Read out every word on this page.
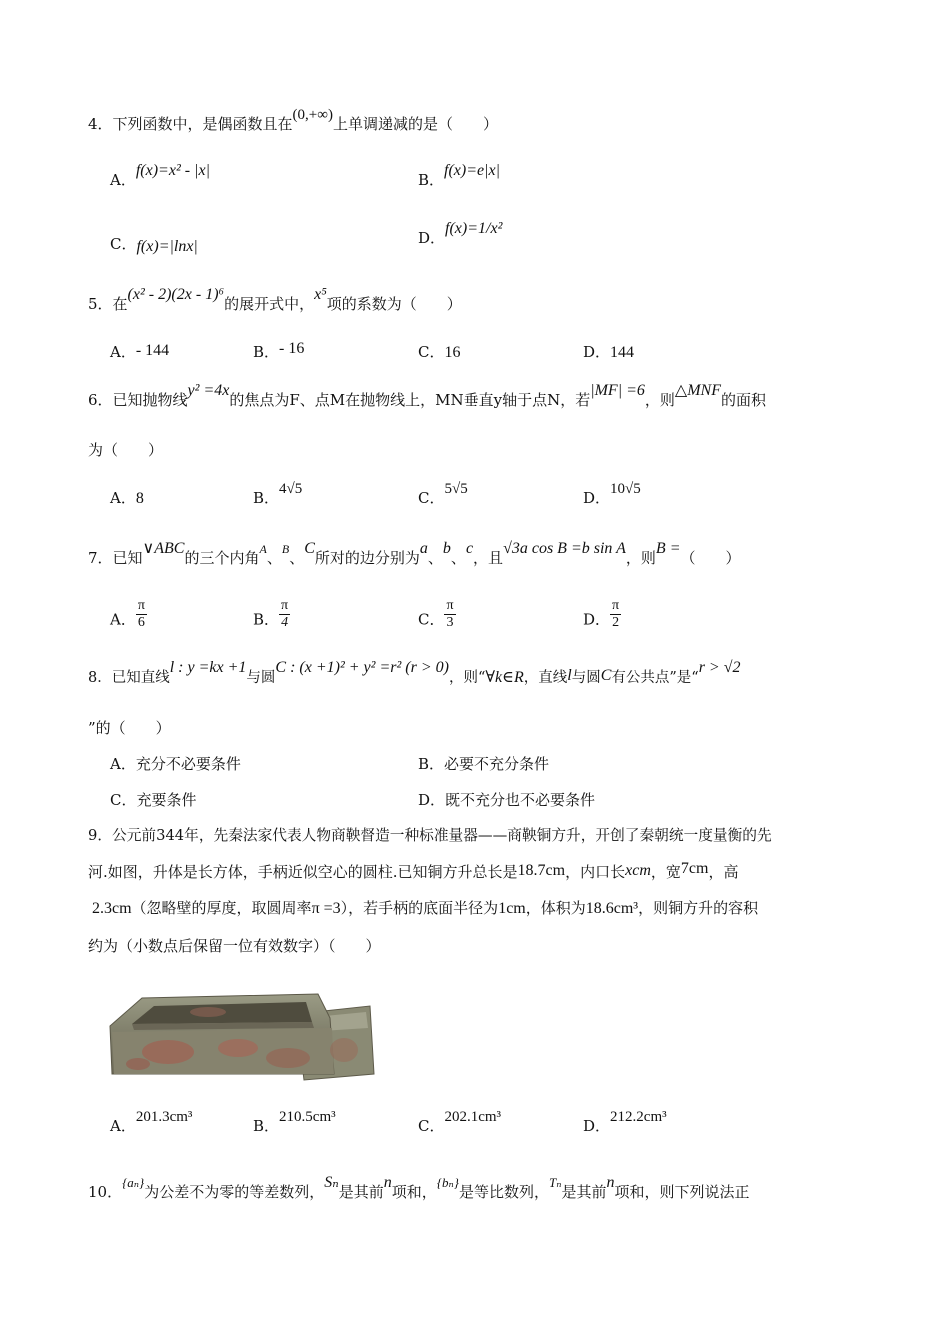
4．下列函数中，是偶函数且在(0,+∞)上单调递减的是（　　）
A．f(x)=x² - |x|
B．f(x)=e|x|
C．f(x)=|lnx|	D．f(x)=1/x²
5．在(x² - 2)(2x - 1)⁶的展开式中，x⁵项的系数为（　　）
A．- 144	B．- 16	C．16	D．144
6．已知抛物线y² =4x的焦点为F、点M在抛物线上，MN垂直y轴于点N，若|MF| =6，则△MNF的面积
为（　　）
A．8	B．4√5	C．5√5	D．10√5
7．已知∨ABC的三个内角$^A$、$^B$、C所对的边分别为a、b、c，且√3a cos B =b sin A，则B =（　　）
A． $\frac{\pi}{6}$	B． $\frac{\pi}{4}$	C． $\frac{\pi}{3}$	D． $\frac{\pi}{2}$
8．已知直线l : y =kx +1与圆C : (x +1)² + y² =r² (r > 0)，则“∀k∈R，直线l与圆C有公共点”是“r > √2
”的（　　）
A．充分不必要条件	B．必要不充分条件
C．充要条件	D．既不充分也不必要条件
9．公元前344年，先秦法家代表人物商鞅督造一种标准量器——商鞅铜方升，开创了秦朝统一度量衡的先
河.如图，升体是长方体，手柄近似空心的圆柱.已知铜方升总长是18.7cm，内口长xcm，宽7cm，高
2.3cm（忽略壁的厚度，取圆周率π =3），若手柄的底面半径为1cm，体积为18.6cm³，则铜方升的容积
约为（小数点后保留一位有效数字）（　　）
A．201.3cm³	B．210.5cm³	C．202.1cm³	D．212.2cm³
10．{aₙ}为公差不为零的等差数列，Sₙ是其前n项和，{bₙ}是等比数列，Tₙ是其前n项和，则下列说法正
